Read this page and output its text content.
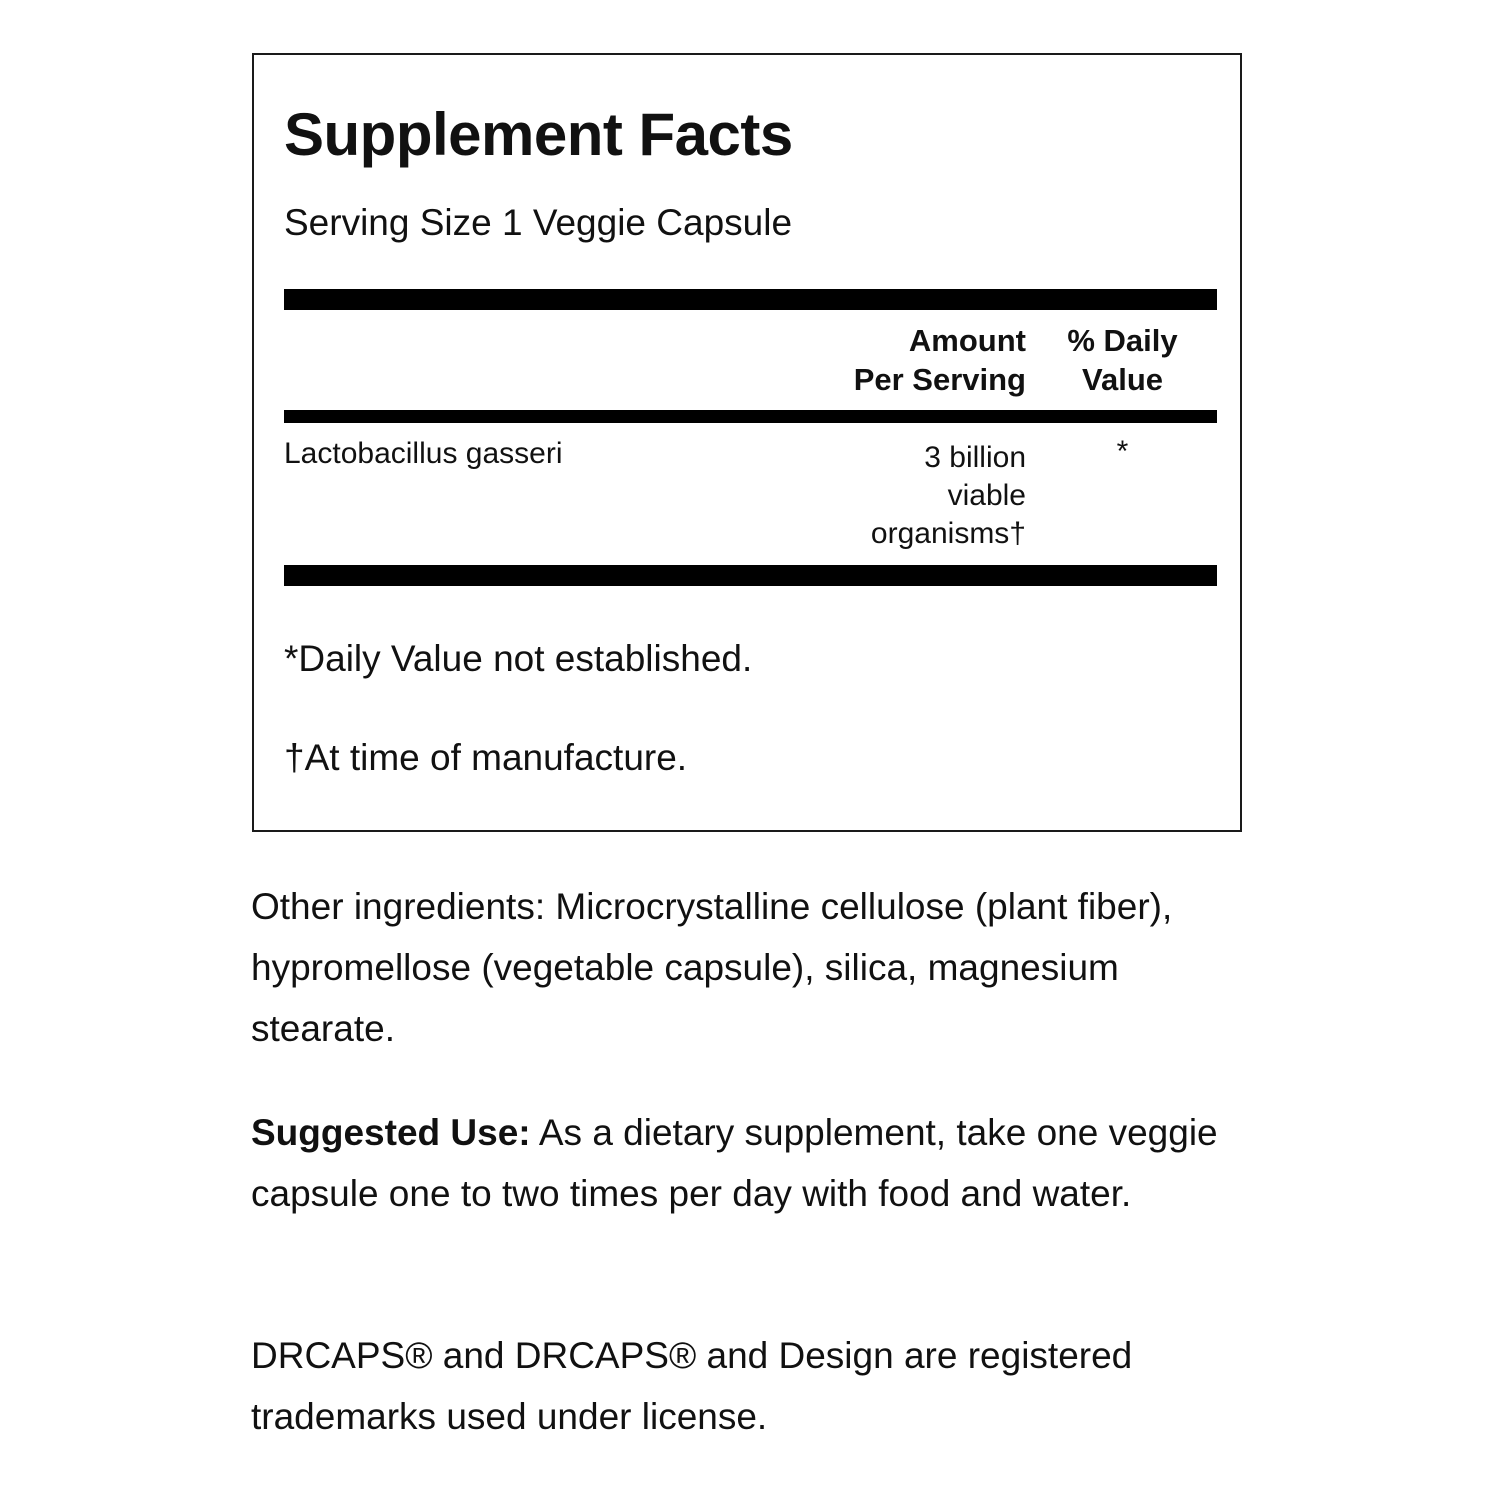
Supplement Facts
Serving Size 1 Veggie Capsule
Amount
Per Serving
% Daily
Value
Lactobacillus gasseri	3 billion
viable
organisms†
*
*Daily Value not established.
†At time of manufacture.

Other ingredients: Microcrystalline cellulose (plant fiber), hypromellose (vegetable capsule), silica, magnesium stearate.

Suggested Use: As a dietary supplement, take one veggie capsule one to two times per day with food and water.

DRCAPS® and DRCAPS® and Design are registered trademarks used under license.
